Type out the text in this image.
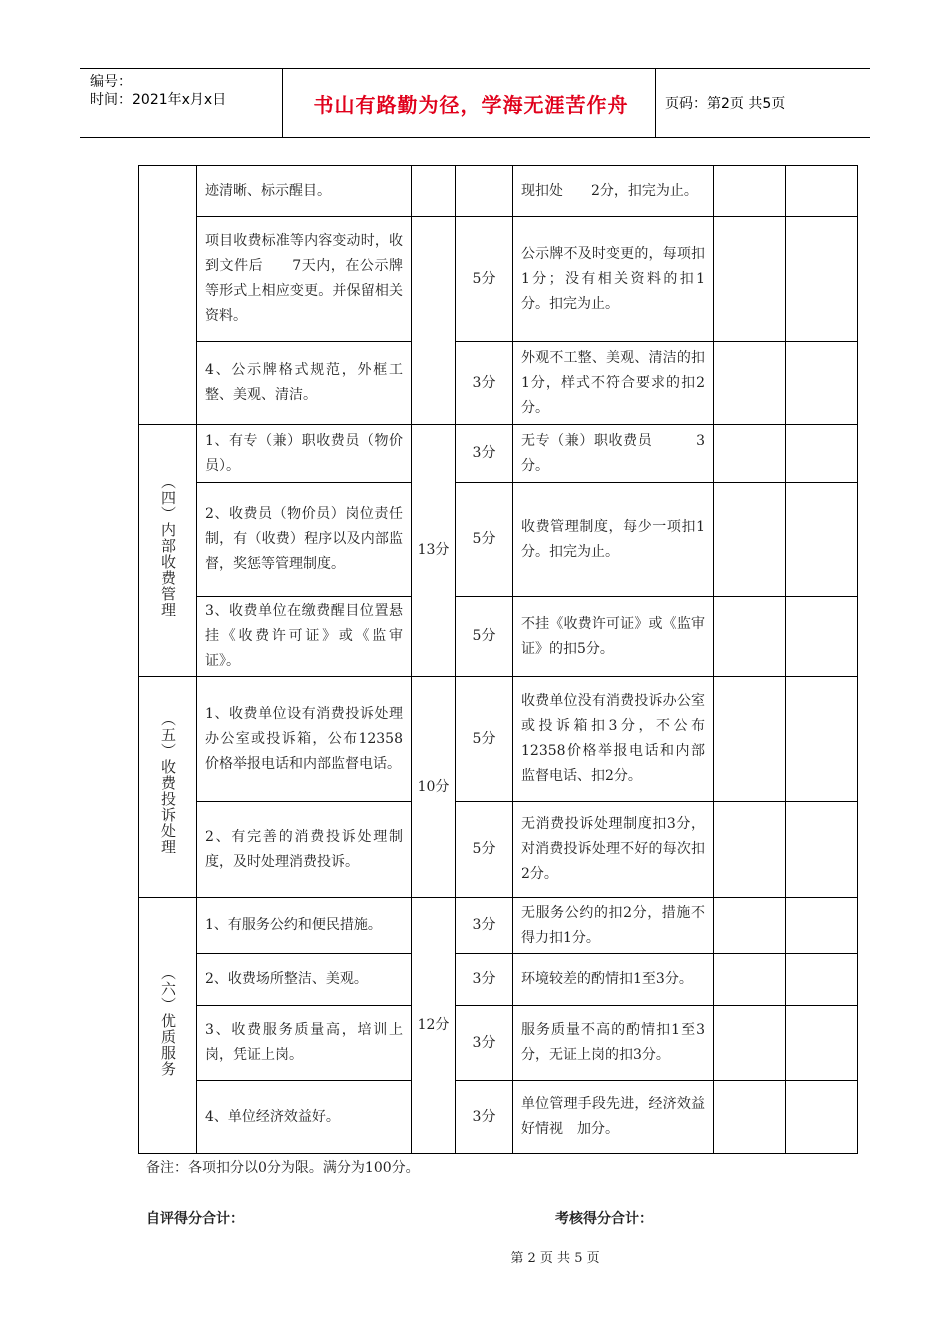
编号：
时间：2021年x月x日	书山有路勤为径，学海无涯苦作舟	页码：第2页 共5页
	迹清晰、标示醒目。			现扣处　　2分，扣完为止。		
	项目收费标准等内容变动时，收到文件后　　7天内，在公示牌等形式上相应变更。并保留相关资料。		5分	公示牌不及时变更的，每项扣1分；没有相关资料的扣1分。扣完为止。		
	4、公示牌格式规范，外框工整、美观、清洁。		3分	外观不工整、美观、清洁的扣1分，样式不符合要求的扣2分。		
（四）内部收费管理	1、有专（兼）职收费员（物价员）。	13分	3分	无专（兼）职收费员　　　3分。		
	2、收费员（物价员）岗位责任制，有（收费）程序以及内部监督，奖惩等管理制度。		5分	收费管理制度，每少一项扣1分。扣完为止。		
	3、收费单位在缴费醒目位置悬挂《收费许可证》或《监审证》。		5分	不挂《收费许可证》或《监审证》的扣5分。		
（五）收费投诉处理	1、收费单位设有消费投诉处理办公室或投诉箱，公布12358价格举报电话和内部监督电话。	10分	5分	收费单位没有消费投诉办公室或投诉箱扣3分，不公布12358价格举报电话和内部监督电话、扣2分。		
	2、有完善的消费投诉处理制度，及时处理消费投诉。		5分	无消费投诉处理制度扣3分，对消费投诉处理不好的每次扣2分。		
（六）优质服务	1、有服务公约和便民措施。	12分	3分	无服务公约的扣2分，措施不得力扣1分。		
	2、收费场所整洁、美观。		3分	环境较差的酌情扣1至3分。		
	3、收费服务质量高，培训上岗，凭证上岗。		3分	服务质量不高的酌情扣1至3分，无证上岗的扣3分。		
	4、单位经济效益好。		3分	单位管理手段先进，经济效益好情视　加分。		
备注：各项扣分以0分为限。满分为100分。
自评得分合计：	考核得分合计：
第 2 页 共 5 页
